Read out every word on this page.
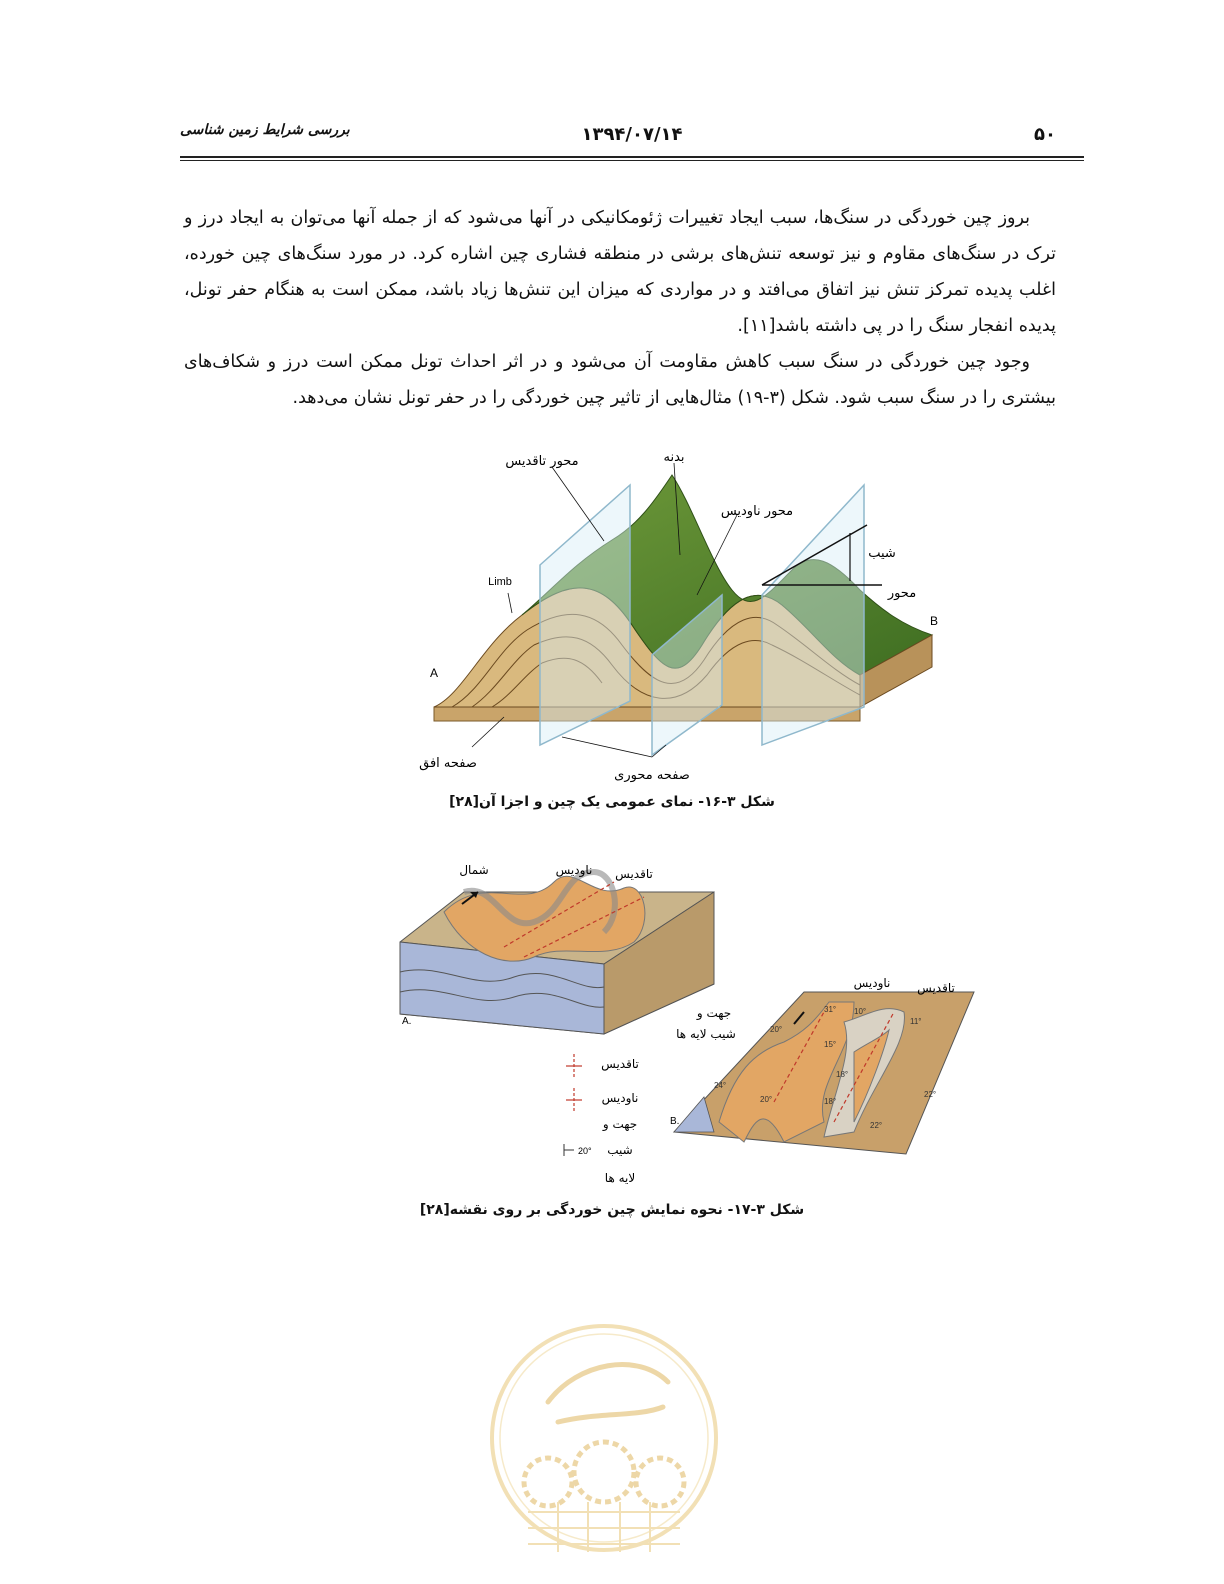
۵۰
۱۳۹۴/۰۷/۱۴
بررسی شرایط زمین شناسی

بروز چین خوردگی در سنگ‌ها، سبب ایجاد تغییرات ژئومکانیکی در آنها می‌شود که از جمله آنها می‌توان به ایجاد درز و ترک در سنگ‌های مقاوم و نیز توسعه تنش‌های برشی در منطقه فشاری چین اشاره کرد. در مورد سنگ‌های چین خورده، اغلب پدیده تمرکز تنش نیز اتفاق می‌افتد و در مواردی که میزان این تنش‌ها زیاد باشد، ممکن است به هنگام حفر تونل، پدیده انفجار سنگ را در پی داشته باشد[۱۱].

وجود چین خوردگی در سنگ سبب کاهش مقاومت آن می‌شود و در اثر احداث تونل ممکن است درز و شکاف‌های بیشتری را در سنگ سبب شود. شکل (۳-۱۹) مثال‌هایی از تاثیر چین خوردگی را در حفر تونل نشان می‌دهد.

محور تاقدیس	بدنه
محور ناودیس
شیب
محور
Limb
A
B
صفحه افق
صفحه محوری
شکل ۳-۱۶- نمای عمومی یک چین و اجزا آن[۲۸]
شمال	ناودیس تاقدیس
A.
جهت و
شیب لایه ها
تاقدیس
ناودیس
جهت و
20° شیب
لایه ها
ناودیس تاقدیس
B.
31° 10°
15°
11°
20°
24°
20°	18°
22°
22°
18°
شکل ۳-۱۷- نحوه نمایش چین خوردگی بر روی نقشه[۲۸]
